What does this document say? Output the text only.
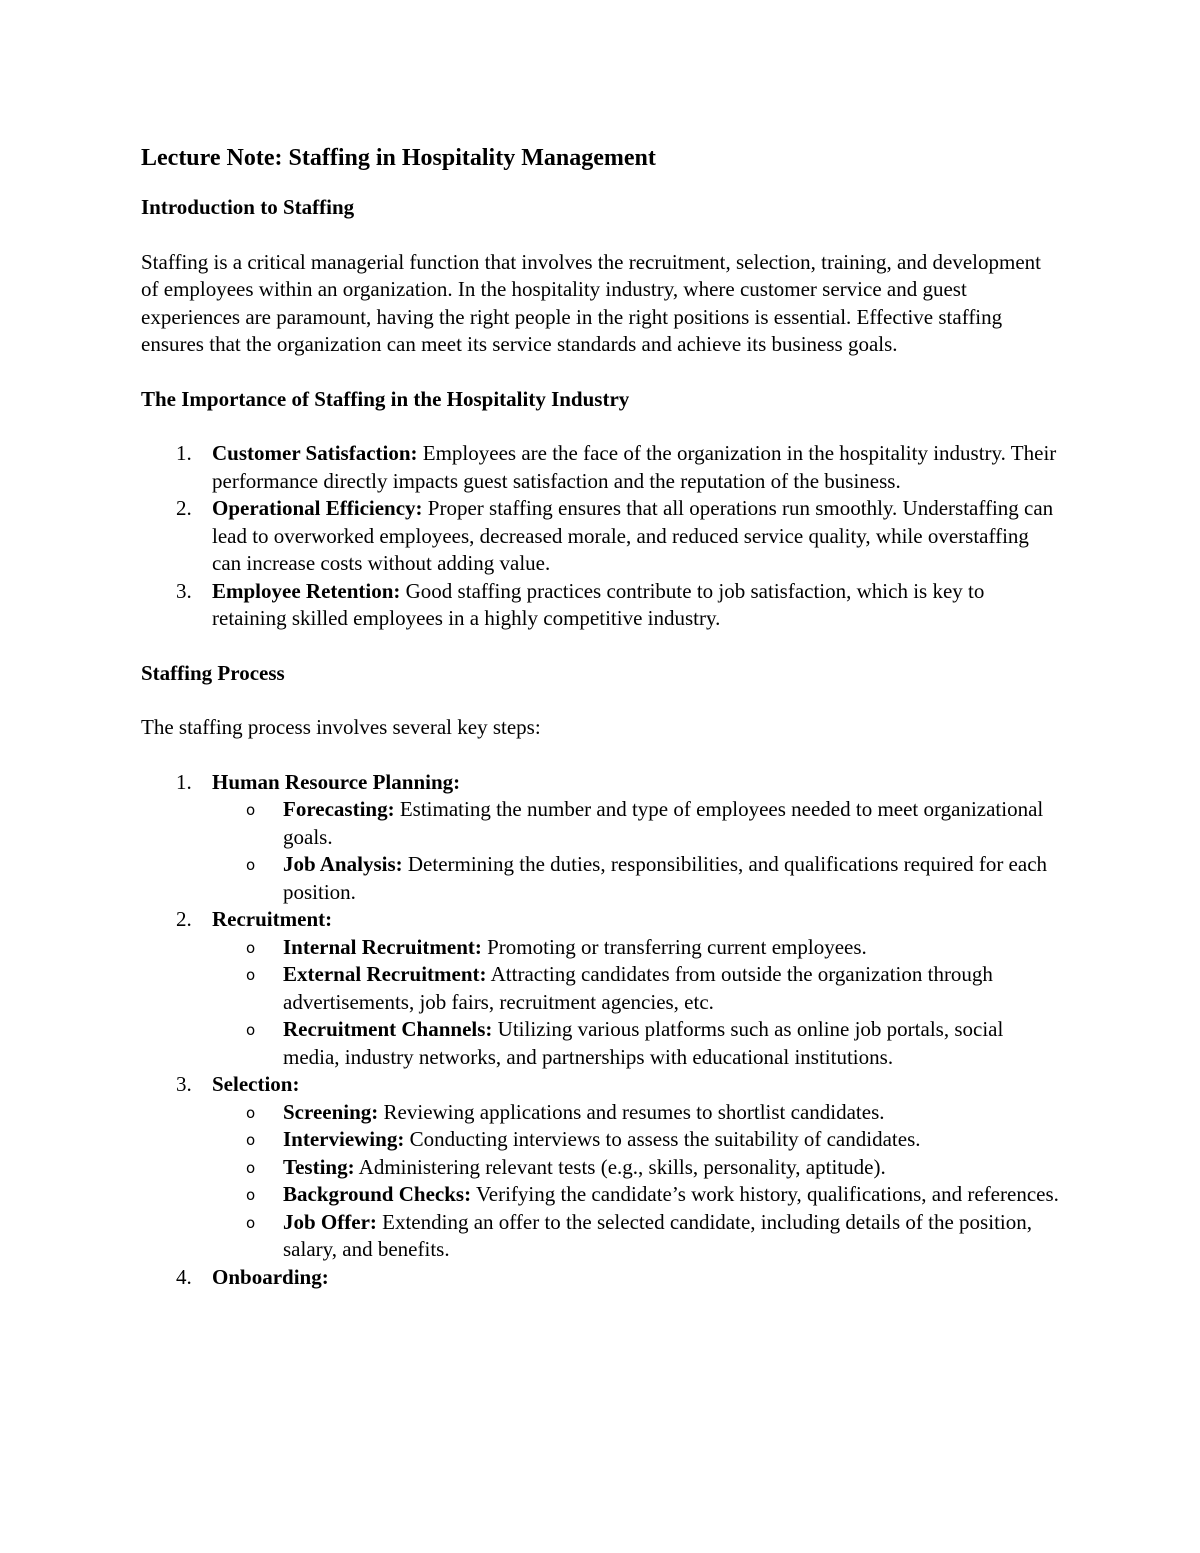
Lecture Note: Staffing in Hospitality Management
Introduction to Staffing
Staffing is a critical managerial function that involves the recruitment, selection, training, and development of employees within an organization. In the hospitality industry, where customer service and guest experiences are paramount, having the right people in the right positions is essential. Effective staffing ensures that the organization can meet its service standards and achieve its business goals.
The Importance of Staffing in the Hospitality Industry
1. Customer Satisfaction: Employees are the face of the organization in the hospitality industry. Their performance directly impacts guest satisfaction and the reputation of the business.
2. Operational Efficiency: Proper staffing ensures that all operations run smoothly. Understaffing can lead to overworked employees, decreased morale, and reduced service quality, while overstaffing can increase costs without adding value.
3. Employee Retention: Good staffing practices contribute to job satisfaction, which is key to retaining skilled employees in a highly competitive industry.
Staffing Process
The staffing process involves several key steps:
1. Human Resource Planning:
o Forecasting: Estimating the number and type of employees needed to meet organizational goals.
o Job Analysis: Determining the duties, responsibilities, and qualifications required for each position.
2. Recruitment:
o Internal Recruitment: Promoting or transferring current employees.
o External Recruitment: Attracting candidates from outside the organization through advertisements, job fairs, recruitment agencies, etc.
o Recruitment Channels: Utilizing various platforms such as online job portals, social media, industry networks, and partnerships with educational institutions.
3. Selection:
o Screening: Reviewing applications and resumes to shortlist candidates.
o Interviewing: Conducting interviews to assess the suitability of candidates.
o Testing: Administering relevant tests (e.g., skills, personality, aptitude).
o Background Checks: Verifying the candidate’s work history, qualifications, and references.
o Job Offer: Extending an offer to the selected candidate, including details of the position, salary, and benefits.
4. Onboarding:
